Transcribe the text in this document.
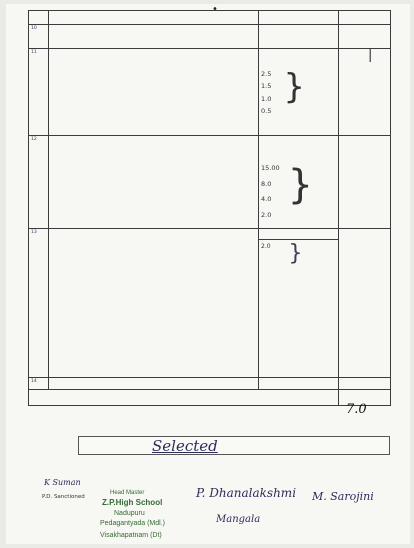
•

10			
11		2.5
1.5
1.0
0.5
}	

12		15.00
8.0
4.0
2.0
}	

13		2.0 }	

14			

|
7.0
Selected
K Suman
P.D. Sanctioned
Head Master
Z.P.High School
Nadupuru
Pedagantyada (Mdl.)
Visakhapatnam (Dt)
P. Dhanalakshmi
Mangala
M. Sarojini
